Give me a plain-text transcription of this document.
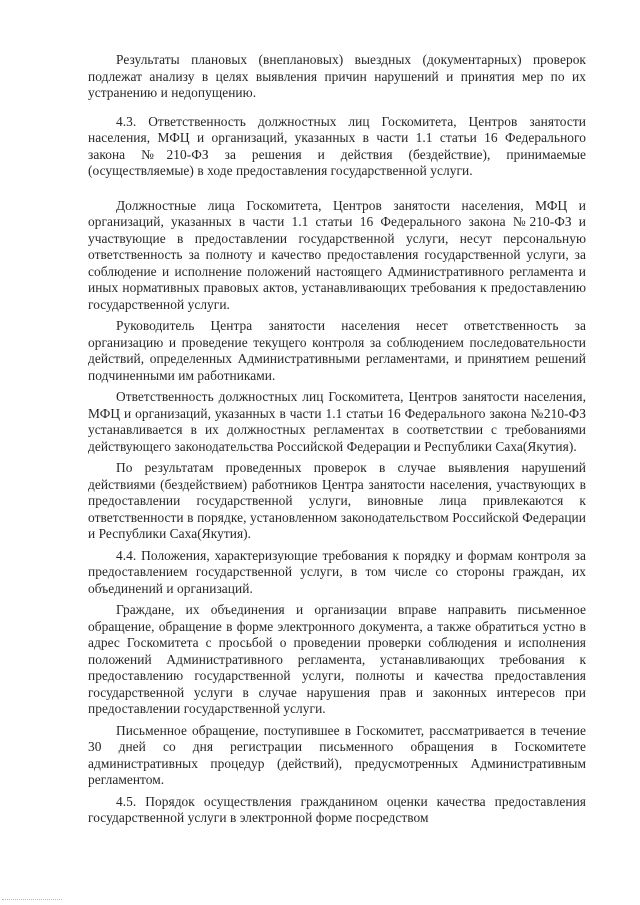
Результаты плановых (внеплановых) выездных (документарных) проверок подлежат анализу в целях выявления причин нарушений и принятия мер по их устранению и недопущению.

4.3. Ответственность должностных лиц Госкомитета, Центров занятости населения, МФЦ и организаций, указанных в части 1.1 статьи 16 Федерального закона №210-ФЗ за решения и действия (бездействие), принимаемые (осуществляемые) в ходе предоставления государственной услуги.

Должностные лица Госкомитета, Центров занятости населения, МФЦ и организаций, указанных в части 1.1 статьи 16 Федерального закона №210-ФЗ и участвующие в предоставлении государственной услуги, несут персональную ответственность за полноту и качество предоставления государственной услуги, за соблюдение и исполнение положений настоящего Административного регламента и иных нормативных правовых актов, устанавливающих требования к предоставлению государственной услуги.

Руководитель Центра занятости населения несет ответственность за организацию и проведение текущего контроля за соблюдением последовательности действий, определенных Административными регламентами, и принятием решений подчиненными им работниками.

Ответственность должностных лиц Госкомитета, Центров занятости населения, МФЦ и организаций, указанных в части 1.1 статьи 16 Федерального закона №210-ФЗ устанавливается в их должностных регламентах в соответствии с требованиями действующего законодательства Российской Федерации и Республики Саха(Якутия).

По результатам проведенных проверок в случае выявления нарушений действиями (бездействием) работников Центра занятости населения, участвующих в предоставлении государственной услуги, виновные лица привлекаются к ответственности в порядке, установленном законодательством Российской Федерации и Республики Саха(Якутия).

4.4. Положения, характеризующие требования к порядку и формам контроля за предоставлением государственной услуги, в том числе со стороны граждан, их объединений и организаций.

Граждане, их объединения и организации вправе направить письменное обращение, обращение в форме электронного документа, а также обратиться устно в адрес Госкомитета с просьбой о проведении проверки соблюдения и исполнения положений Административного регламента, устанавливающих требования к предоставлению государственной услуги, полноты и качества предоставления государственной услуги в случае нарушения прав и законных интересов при предоставлении государственной услуги.

Письменное обращение, поступившее в Госкомитет, рассматривается в течение 30 дней со дня регистрации письменного обращения в Госкомитете административных процедур (действий), предусмотренных Административным регламентом.

4.5. Порядок осуществления гражданином оценки качества предоставления государственной услуги в электронной форме посредством
